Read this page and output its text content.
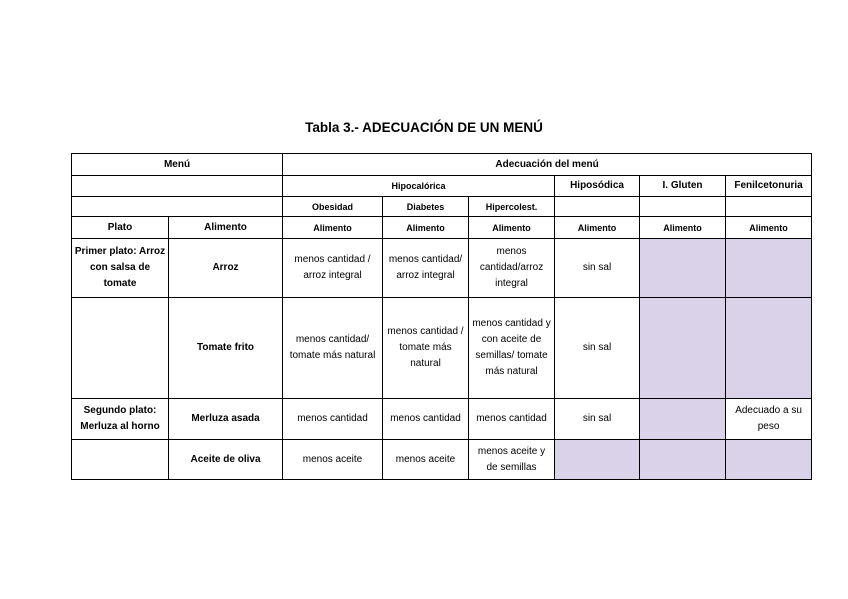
Tabla 3.- ADECUACIÓN DE UN MENÚ
Menú		Adecuación del menú					
		Hipocalórica			Hiposódica	I. Gluten	Fenilcetonuria
		Obesidad	Diabetes	Hipercolest.			
Plato	Alimento	Alimento	Alimento	Alimento	Alimento	Alimento	Alimento
Primer plato: Arroz con salsa de tomate	Arroz	menos cantidad / arroz integral	menos cantidad/ arroz integral	menos cantidad/arroz integral	sin sal		
	Tomate frito	menos cantidad/ tomate más natural	menos cantidad / tomate más natural	menos cantidad y con aceite de semillas/ tomate más natural	sin sal		
Segundo plato: Merluza al horno	Merluza asada	menos cantidad	menos cantidad	menos cantidad	sin sal		Adecuado a su peso
	Aceite de oliva	menos aceite	menos aceite	menos aceite y de semillas			
